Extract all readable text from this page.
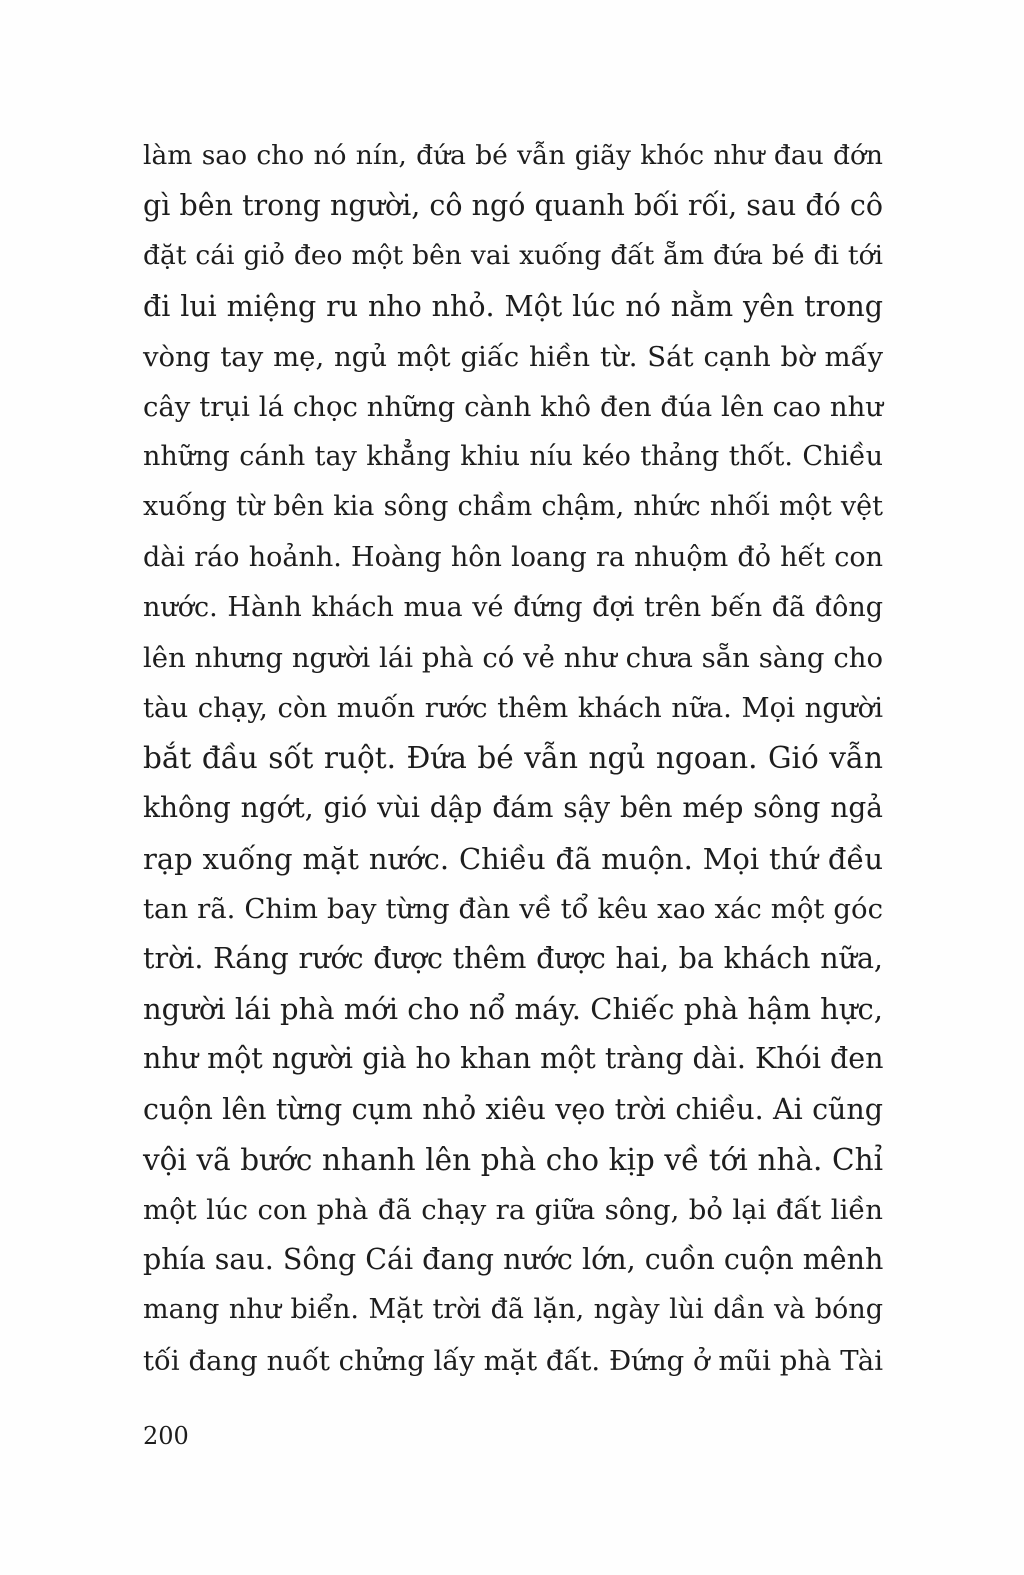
làm sao cho nó nín, đứa bé vẫn giãy khóc như đau đớn
gì bên trong người, cô ngó quanh bối rối, sau đó cô
đặt cái giỏ đeo một bên vai xuống đất ẵm đứa bé đi tới
đi lui miệng ru nho nhỏ. Một lúc nó nằm yên trong
vòng tay mẹ, ngủ một giấc hiền từ. Sát cạnh bờ mấy
cây trụi lá chọc những cành khô đen đúa lên cao như
những cánh tay khẳng khiu níu kéo thảng thốt. Chiều
xuống từ bên kia sông chầm chậm, nhức nhối một vệt
dài ráo hoảnh. Hoàng hôn loang ra nhuộm đỏ hết con
nước. Hành khách mua vé đứng đợi trên bến đã đông
lên nhưng người lái phà có vẻ như chưa sẵn sàng cho
tàu chạy, còn muốn rước thêm khách nữa. Mọi người
bắt đầu sốt ruột. Đứa bé vẫn ngủ ngoan. Gió vẫn
không ngớt, gió vùi dập đám sậy bên mép sông ngả
rạp xuống mặt nước. Chiều đã muộn. Mọi thứ đều
tan rã. Chim bay từng đàn về tổ kêu xao xác một góc
trời. Ráng rước được thêm được hai, ba khách nữa,
người lái phà mới cho nổ máy. Chiếc phà hậm hực,
như một người già ho khan một tràng dài. Khói đen
cuộn lên từng cụm nhỏ xiêu vẹo trời chiều. Ai cũng
vội vã bước nhanh lên phà cho kịp về tới nhà. Chỉ
một lúc con phà đã chạy ra giữa sông, bỏ lại đất liền
phía sau. Sông Cái đang nước lớn, cuồn cuộn mênh
mang như biển. Mặt trời đã lặn, ngày lùi dần và bóng
tối đang nuốt chửng lấy mặt đất. Đứng ở mũi phà Tài
200
